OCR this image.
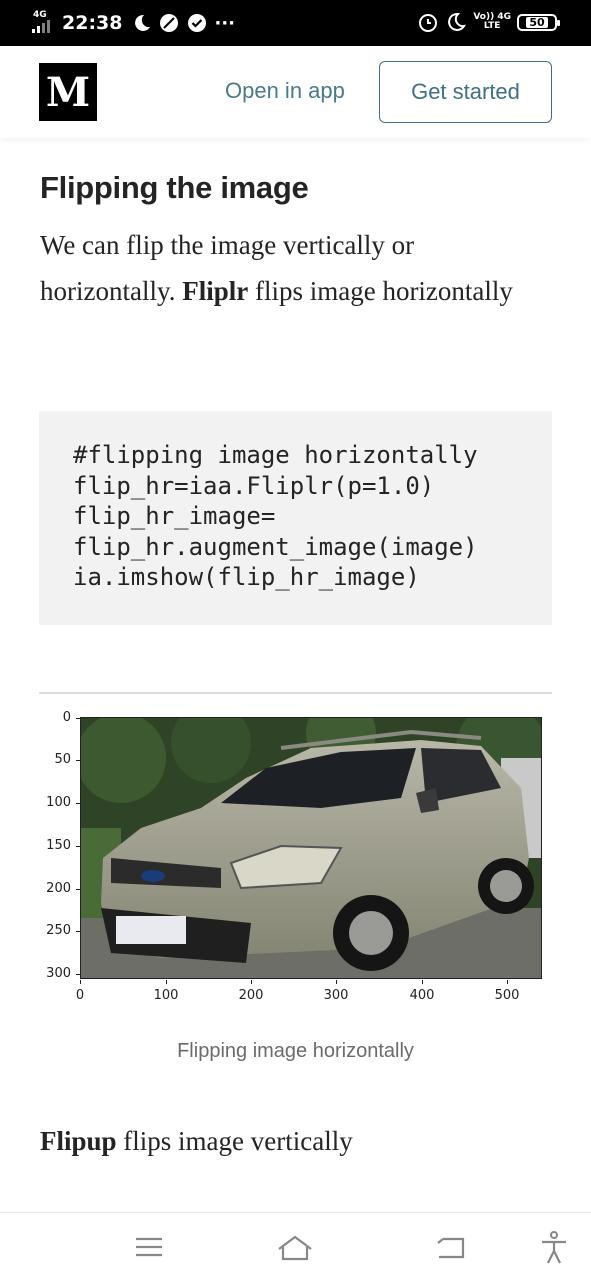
4G 22:38	···	Vo)) 4G
LTE	50
M	Open in app	Get started
Flipping the image

We can flip the image vertically or horizontally. Fliplr flips image horizontally

#flipping image horizontally
flip_hr=iaa.Fliplr(p=1.0)
flip_hr_image=
flip_hr.augment_image(image)
ia.imshow(flip_hr_image)
0
50
100
150
200
250
300
0	100	200	300	400	500
Flipping image horizontally

Flipup flips image vertically
